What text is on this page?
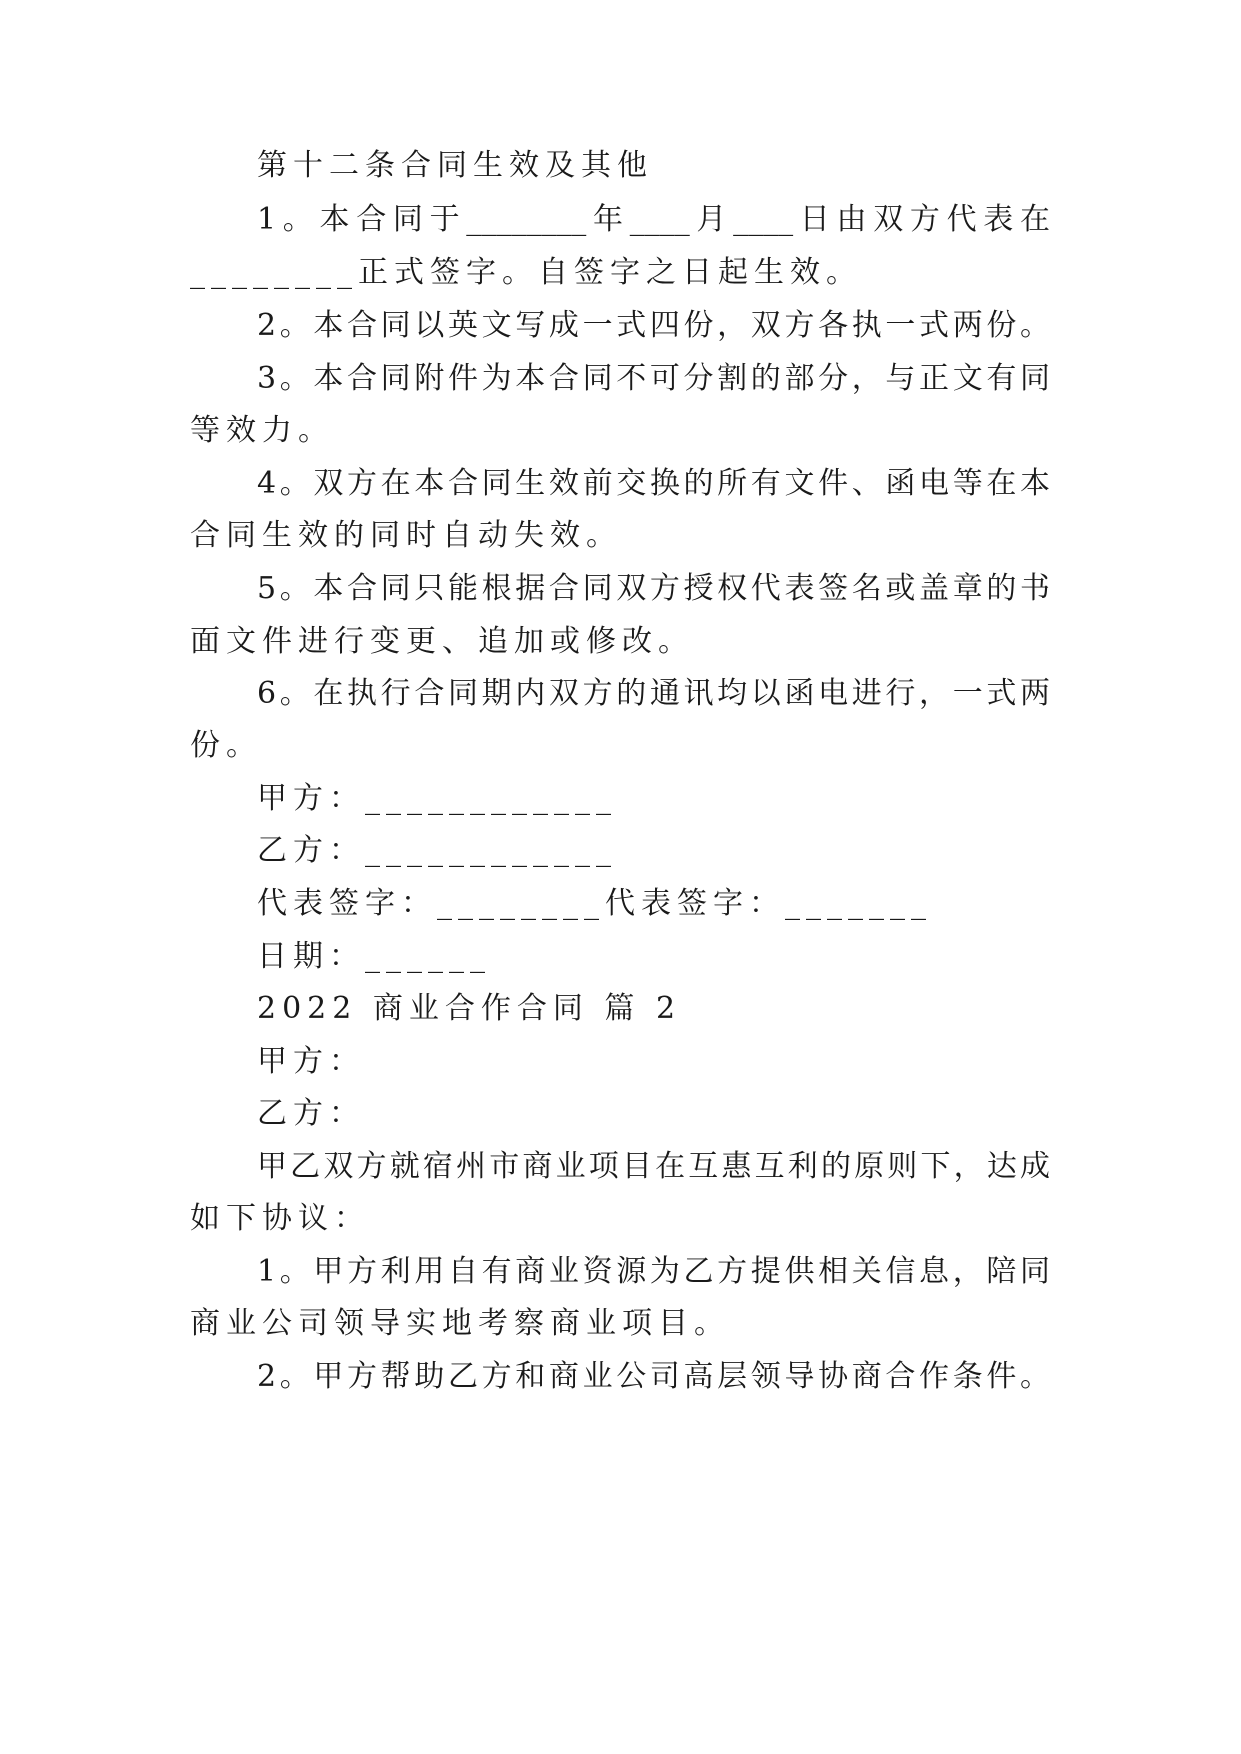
第十二条合同生效及其他
1。本合同于________年____月____日由双方代表在
________正式签字。自签字之日起生效。
2。本合同以英文写成一式四份，双方各执一式两份。
3。本合同附件为本合同不可分割的部分，与正文有同
等效力。
4。双方在本合同生效前交换的所有文件、函电等在本
合同生效的同时自动失效。
5。本合同只能根据合同双方授权代表签名或盖章的书
面文件进行变更、追加或修改。
6。在执行合同期内双方的通讯均以函电进行，一式两
份。
甲方：____________
乙方：____________
代表签字：________代表签字：_______
日期：______
2022 商业合作合同 篇 2
甲方：
乙方：
甲乙双方就宿州市商业项目在互惠互利的原则下，达成
如下协议：
1。甲方利用自有商业资源为乙方提供相关信息，陪同
商业公司领导实地考察商业项目。
2。甲方帮助乙方和商业公司高层领导协商合作条件。
